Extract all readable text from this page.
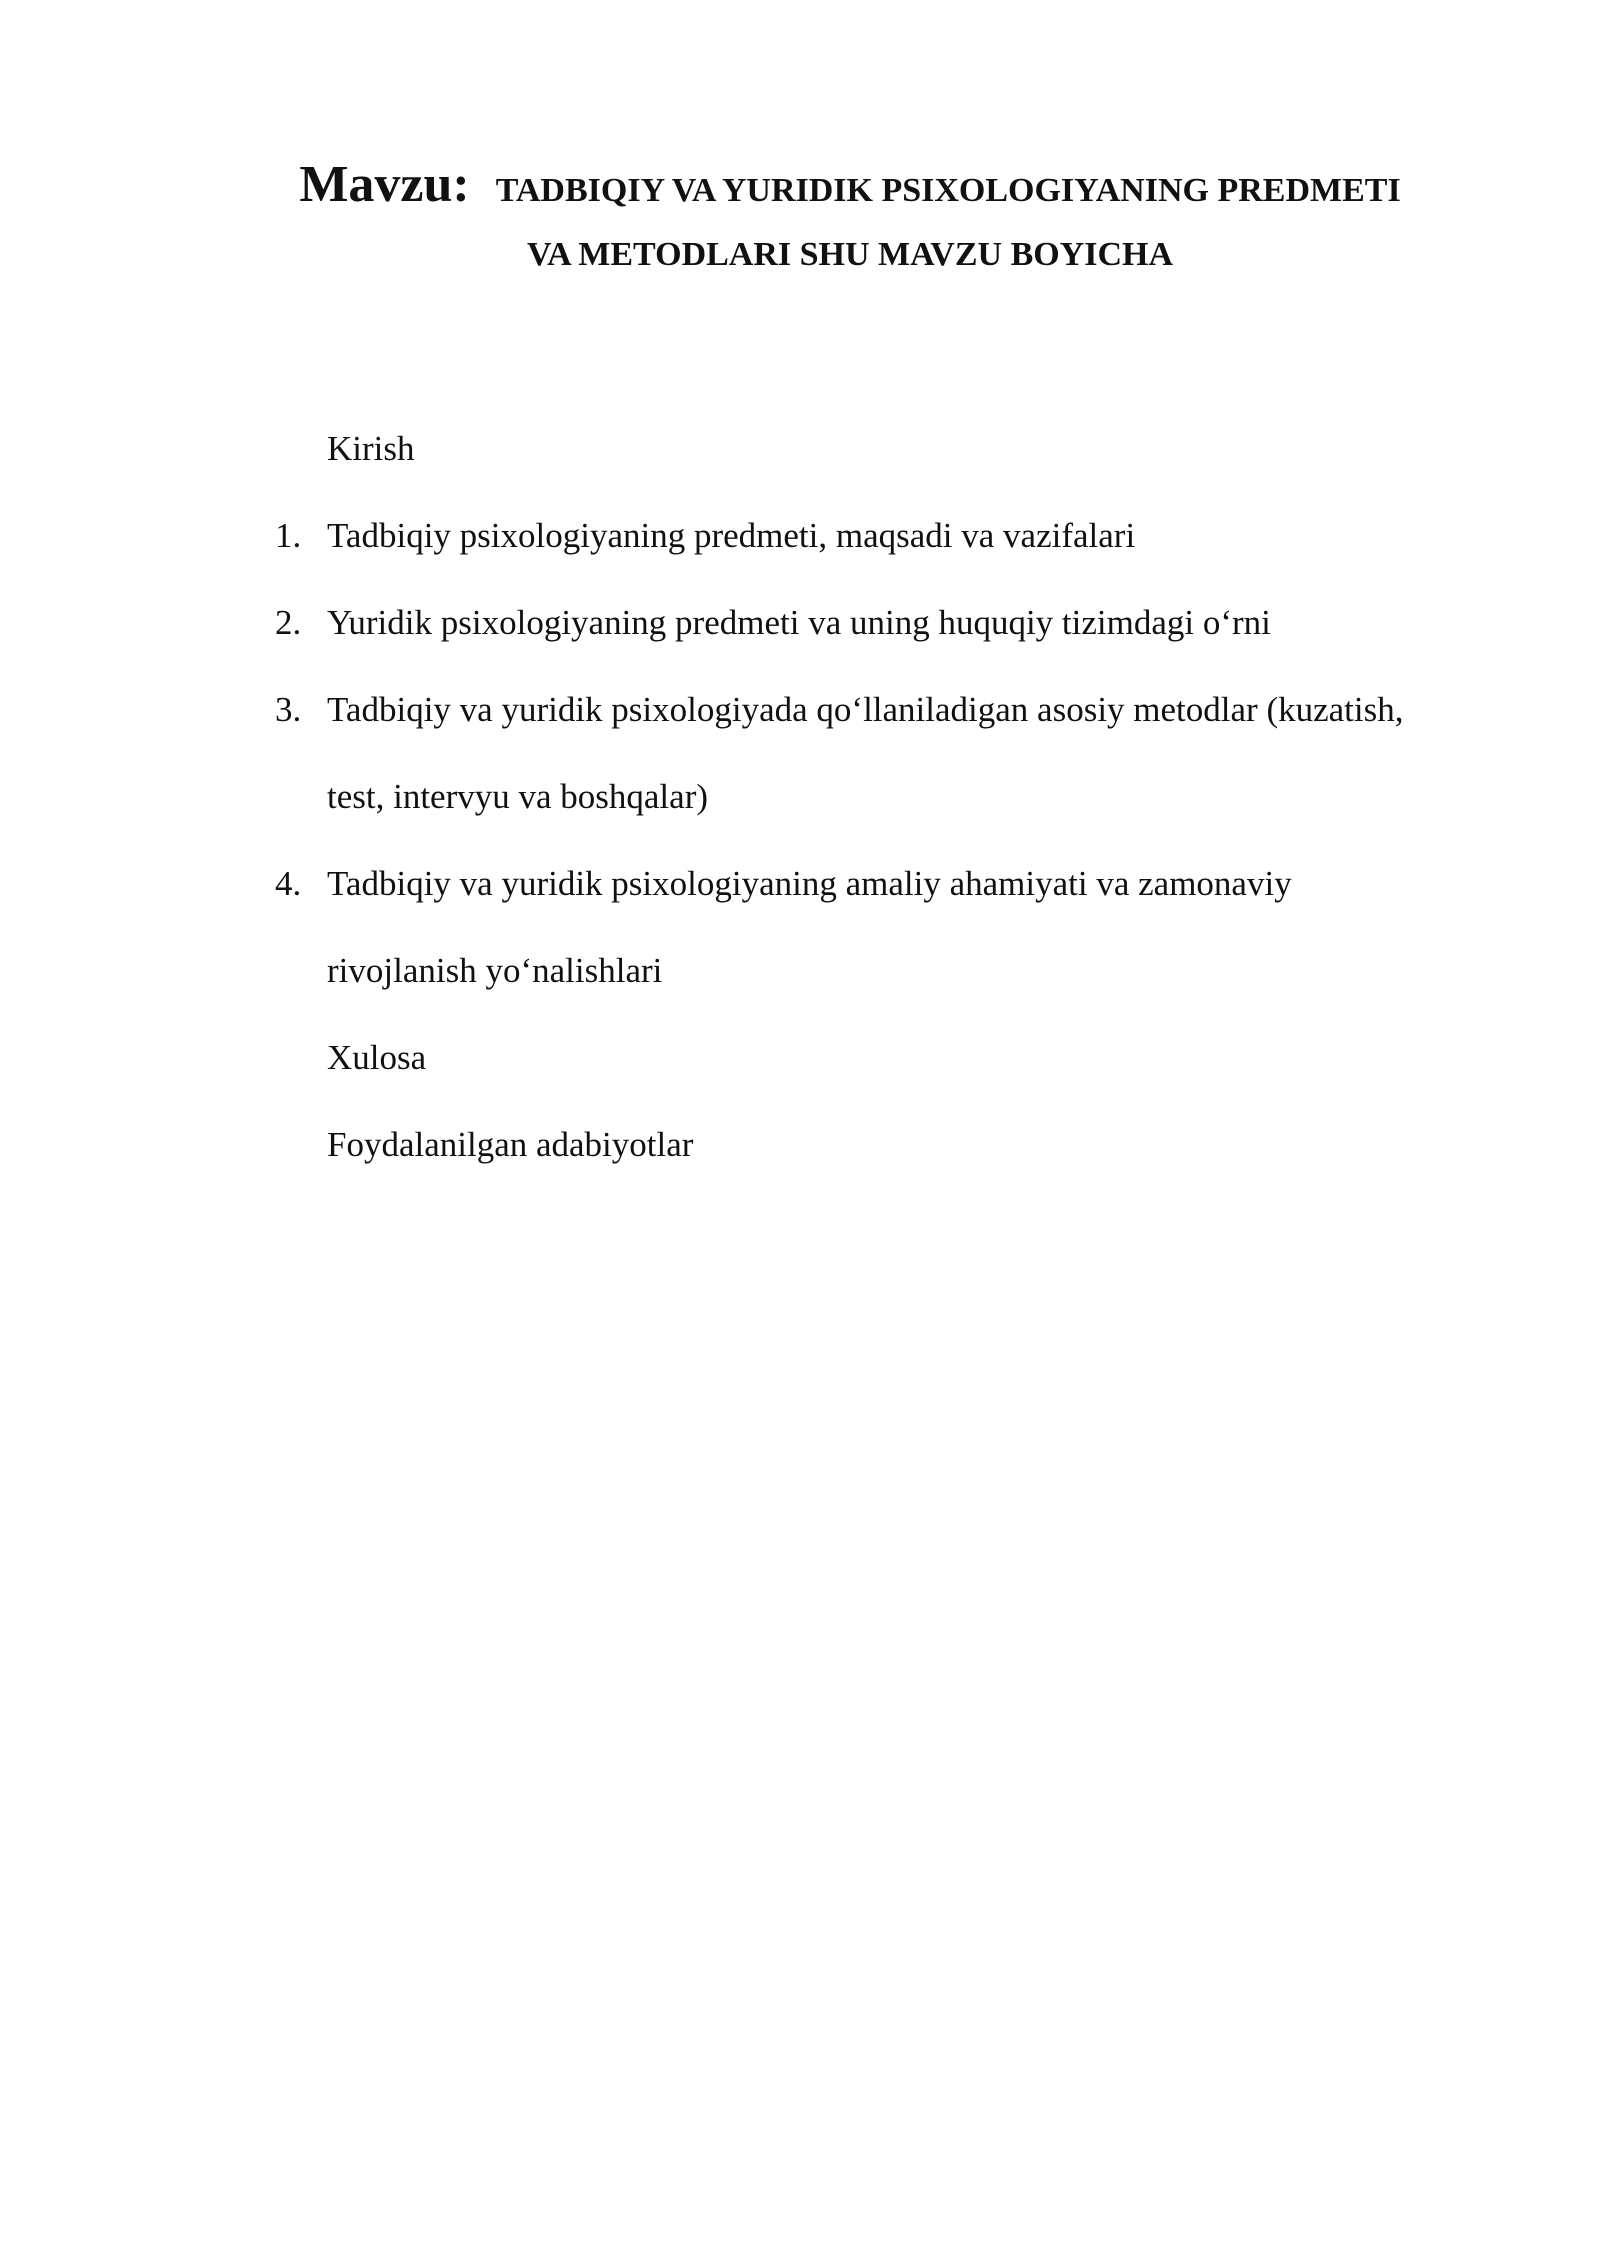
Mavzu: TADBIQIY VA YURIDIK PSIXOLOGIYANING PREDMETI
VA METODLARI SHU MAVZU BOYICHA
Kirish
1. Tadbiqiy psixologiyaning predmeti, maqsadi va vazifalari
2. Yuridik psixologiyaning predmeti va uning huquqiy tizimdagi o‘rni
3. Tadbiqiy va yuridik psixologiyada qo‘llaniladigan asosiy metodlar (kuzatish,
test, intervyu va boshqalar)
4. Tadbiqiy va yuridik psixologiyaning amaliy ahamiyati va zamonaviy
rivojlanish yo‘nalishlari
Xulosa
Foydalanilgan adabiyotlar
